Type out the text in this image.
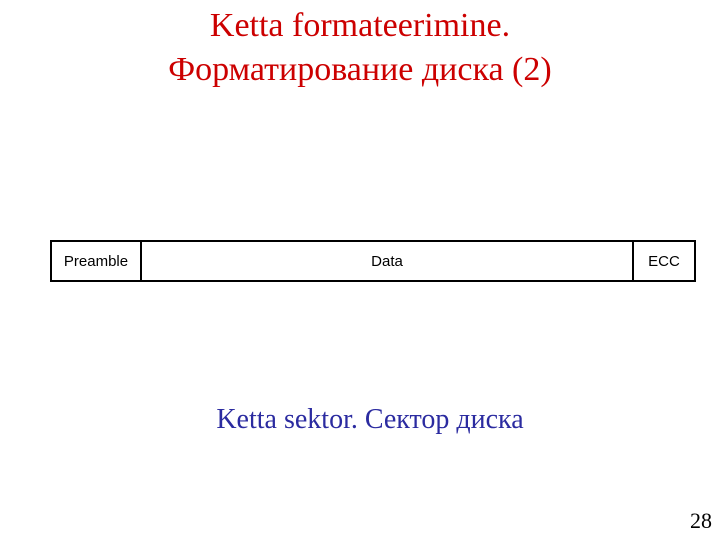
Ketta formateerimine.
Форматирование диска (2)
Preamble	Data	ECC
Ketta sektor. Сектор диска
28
